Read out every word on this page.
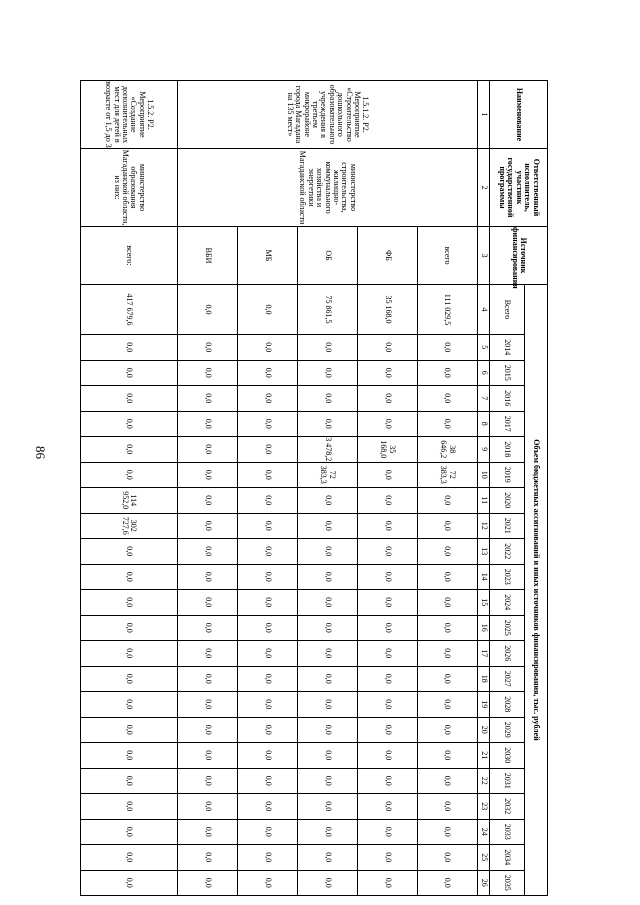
86
Наименование	Ответственный исполнитель, участник государственной программы	Источник финансирования	Объем бюджетных ассигнований и иных источников финансирования, тыс. рублей																						
			Всего	2014	2015	2016	2017	2018	2019	2020	2021	2022	2023	2024	2025	2026	2027	2028	2029	2030	2031	2032	2033	2034	2035
1	2	3	4	5	6	7	8	9	10	11	12	13	14	15	16	17	18	19	20	21	22	23	24	25	26
1.5.1.2. Р2. Мероприятие «Строительство дошкольного образовательного учреждения в третьем микрорайоне города Магадана на 135 мест»	министерство строительства, жилищно-коммунального хозяйства и энергетики Магаданской области	всего	111 029,5	0,0	0,0	0,0	0,0	38 646,2	72 383,3	0,0	0,0	0,0	0,0	0,0	0,0	0,0	0,0	0,0	0,0	0,0	0,0	0,0	0,0	0,0	0,0
		ФБ	35 168,0	0,0	0,0	0,0	0,0	35 168,0	0,0	0,0	0,0	0,0	0,0	0,0	0,0	0,0	0,0	0,0	0,0	0,0	0,0	0,0	0,0	0,0	0,0
		ОБ	75 861,5	0,0	0,0	0,0	0,0	3 478,2	72 383,3	0,0	0,0	0,0	0,0	0,0	0,0	0,0	0,0	0,0	0,0	0,0	0,0	0,0	0,0	0,0	0,0
		МБ	0,0	0,0	0,0	0,0	0,0	0,0	0,0	0,0	0,0	0,0	0,0	0,0	0,0	0,0	0,0	0,0	0,0	0,0	0,0	0,0	0,0	0,0	0,0
		ВБИ	0,0	0,0	0,0	0,0	0,0	0,0	0,0	0,0	0,0	0,0	0,0	0,0	0,0	0,0	0,0	0,0	0,0	0,0	0,0	0,0	0,0	0,0	0,0
1.5.2. Р2. Мероприятие «Создание дополнительных мест для детей в возрасте от 1,5 до 3	министерство образования Магаданской области, из них:	всего:	417 679,6	0,0	0,0	0,0	0,0	0,0	0,0	114 952,0	302 727,6	0,0	0,0	0,0	0,0	0,0	0,0	0,0	0,0	0,0	0,0	0,0	0,0	0,0	0,0
